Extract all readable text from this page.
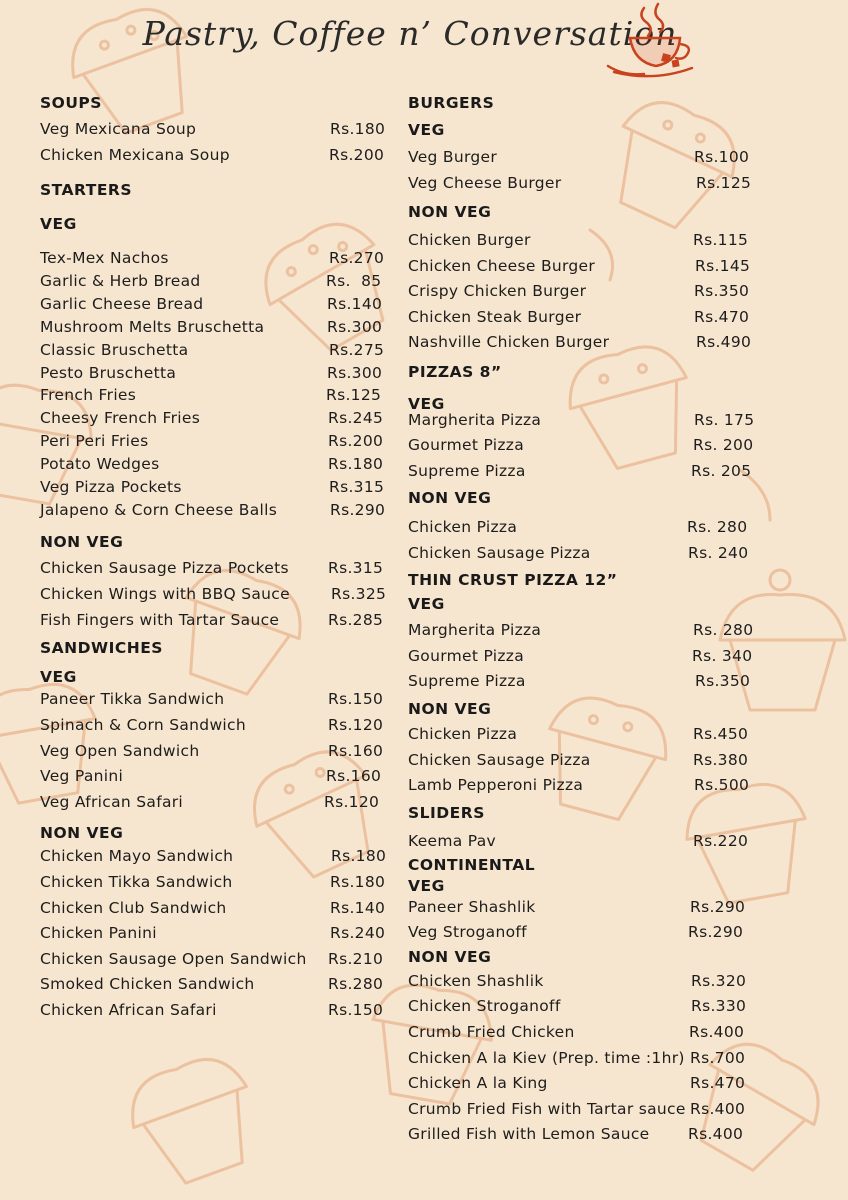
Pastry, Coffee n’ Conversation
SOUPS
Veg Mexicana Soup	Rs.180
Chicken Mexicana Soup	Rs.200
STARTERS
VEG
Tex-Mex Nachos	Rs.270
Garlic & Herb Bread	Rs.  85
Garlic Cheese Bread	Rs.140
Mushroom Melts Bruschetta	Rs.300
Classic Bruschetta	Rs.275
Pesto Bruschetta	Rs.300
French Fries	Rs.125
Cheesy French Fries	Rs.245
Peri Peri Fries	Rs.200
Potato Wedges	Rs.180
Veg Pizza Pockets	Rs.315
Jalapeno & Corn Cheese Balls	Rs.290
NON VEG
Chicken Sausage Pizza Pockets	Rs.315
Chicken Wings with BBQ Sauce	Rs.325
Fish Fingers with Tartar Sauce	Rs.285
SANDWICHES
VEG
Paneer Tikka Sandwich	Rs.150
Spinach & Corn Sandwich	Rs.120
Veg Open Sandwich	Rs.160
Veg Panini	Rs.160
Veg African Safari	Rs.120
NON VEG
Chicken Mayo Sandwich	Rs.180
Chicken Tikka Sandwich	Rs.180
Chicken Club Sandwich	Rs.140
Chicken Panini	Rs.240
Chicken Sausage Open Sandwich Rs.210
Smoked Chicken Sandwich	Rs.280
Chicken African Safari	Rs.150
BURGERS
VEG
Veg Burger	Rs.100
Veg Cheese Burger	Rs.125
NON VEG
Chicken Burger	Rs.115
Chicken Cheese Burger	Rs.145
Crispy Chicken Burger	Rs.350
Chicken Steak Burger	Rs.470
Nashville Chicken Burger	Rs.490
PIZZAS 8”
VEG
Margherita Pizza	Rs. 175
Gourmet Pizza	Rs. 200
Supreme Pizza	Rs. 205
NON VEG
Chicken Pizza	Rs. 280
Chicken Sausage Pizza	Rs. 240
THIN CRUST PIZZA 12”
VEG
Margherita Pizza	Rs. 280
Gourmet Pizza	Rs. 340
Supreme Pizza	Rs.350
NON VEG
Chicken Pizza	Rs.450
Chicken Sausage Pizza	Rs.380
Lamb Pepperoni Pizza	Rs.500
SLIDERS
Keema Pav	Rs.220
CONTINENTAL
VEG
Paneer Shashlik	Rs.290
Veg Stroganoff	Rs.290
NON VEG
Chicken Shashlik	Rs.320
Chicken Stroganoff	Rs.330
Crumb Fried Chicken	Rs.400
Chicken A la Kiev (Prep. time :1hr) Rs.700
Chicken A la King	Rs.470
Crumb Fried Fish with Tartar sauce Rs.400
Grilled Fish with Lemon Sauce Rs.400
